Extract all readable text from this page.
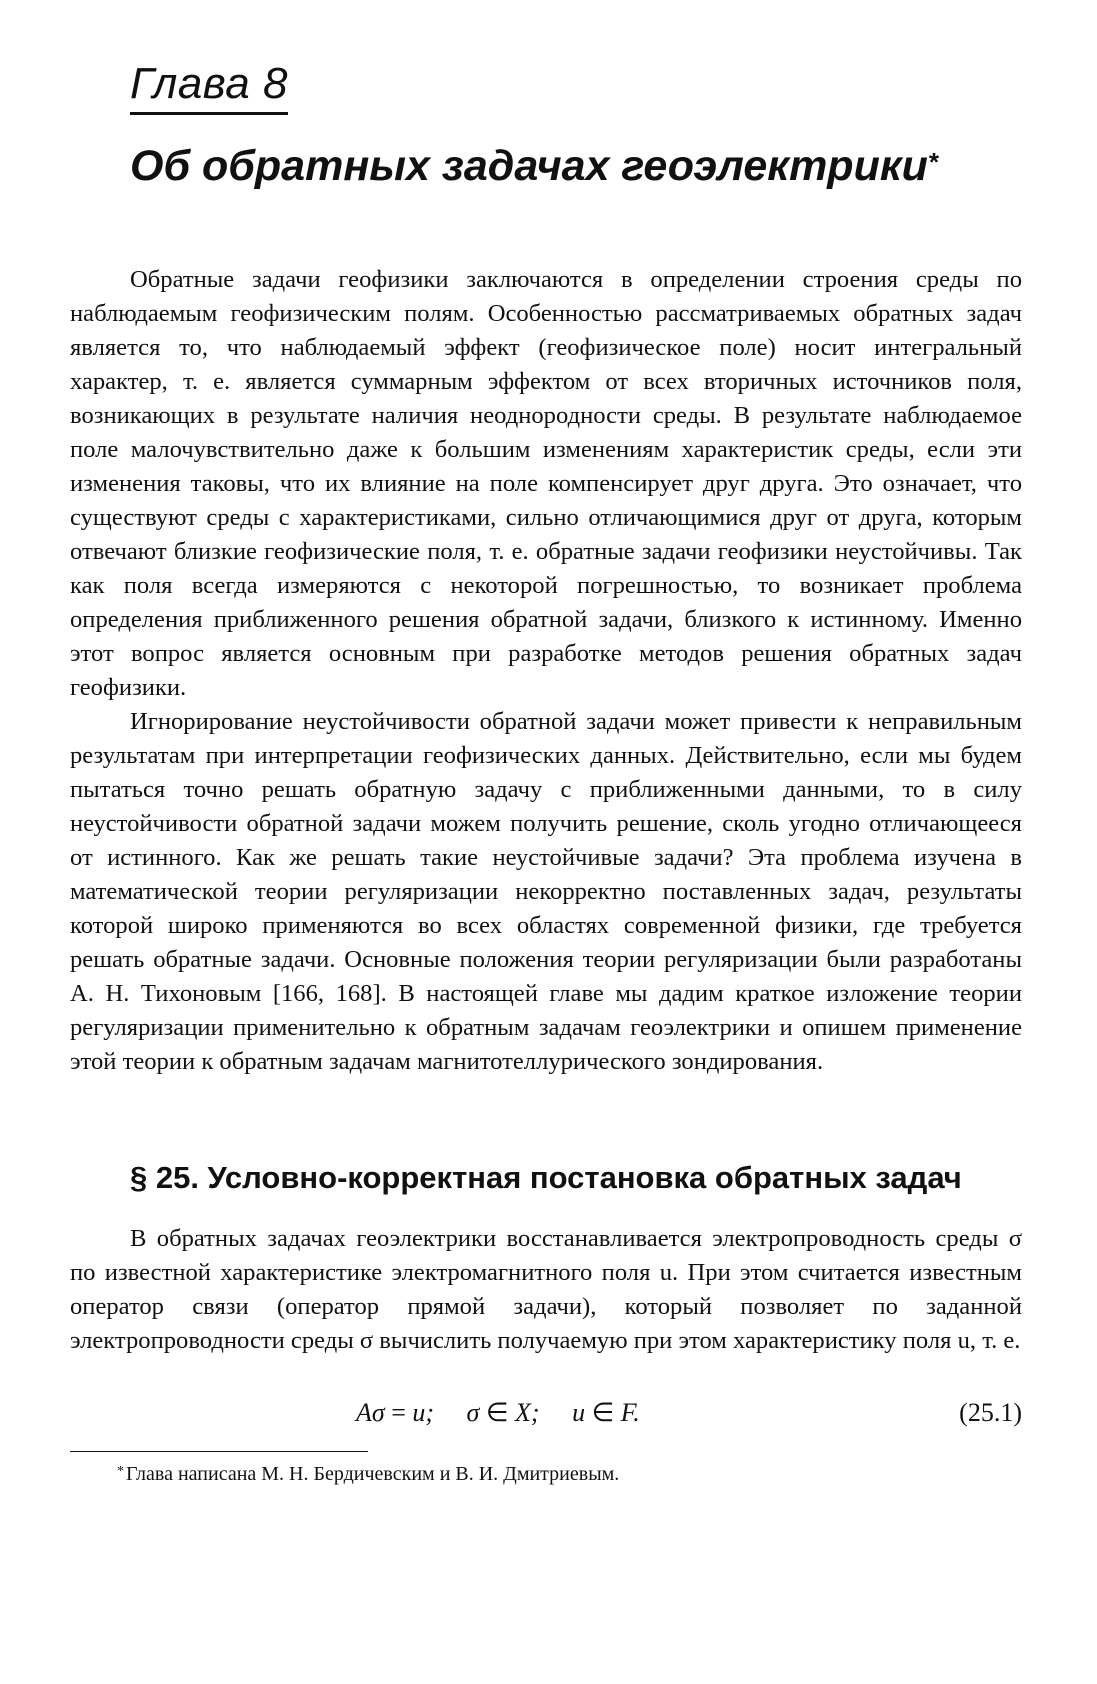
Глава 8
Об обратных задачах геоэлектрики*

Обратные задачи геофизики заключаются в определении строения среды по наблюдаемым геофизическим полям. Особенностью рассматриваемых обратных задач является то, что наблюдаемый эффект (геофизическое поле) носит интегральный характер, т. е. является суммарным эффектом от всех вторичных источников поля, возникающих в результате наличия неоднородности среды. В результате наблюдаемое поле малочувствительно даже к большим изменениям характеристик среды, если эти изменения таковы, что их влияние на поле компенсирует друг друга. Это означает, что существуют среды с характеристиками, сильно отличающимися друг от друга, которым отвечают близкие геофизические поля, т. е. обратные задачи геофизики неустойчивы. Так как поля всегда измеряются с некоторой погрешностью, то возникает проблема определения приближенного решения обратной задачи, близкого к истинному. Именно этот вопрос является основным при разработке методов решения обратных задач геофизики.

Игнорирование неустойчивости обратной задачи может привести к неправильным результатам при интерпретации геофизических данных. Действительно, если мы будем пытаться точно решать обратную задачу с приближенными данными, то в силу неустойчивости обратной задачи можем получить решение, сколь угодно отличающееся от истинного. Как же решать такие неустойчивые задачи? Эта проблема изучена в математической теории регуляризации некорректно поставленных задач, результаты которой широко применяются во всех областях современной физики, где требуется решать обратные задачи. Основные положения теории регуляризации были разработаны А. Н. Тихоновым [166, 168]. В настоящей главе мы дадим краткое изложение теории регуляризации применительно к обратным задачам геоэлектрики и опишем применение этой теории к обратным задачам магнитотеллурического зондирования.

§ 25. Условно-корректная постановка обратных задач

В обратных задачах геоэлектрики восстанавливается электропроводность среды σ по известной характеристике электромагнитного поля u. При этом считается известным оператор связи (оператор прямой задачи), который позволяет по заданной электропроводности среды σ вычислить получаемую при этом характеристику поля u, т. е.

Aσ = u;     σ ∈ X;     u ∈ F.	(25.1)
* Глава написана М. Н. Бердичевским и В. И. Дмитриевым.
